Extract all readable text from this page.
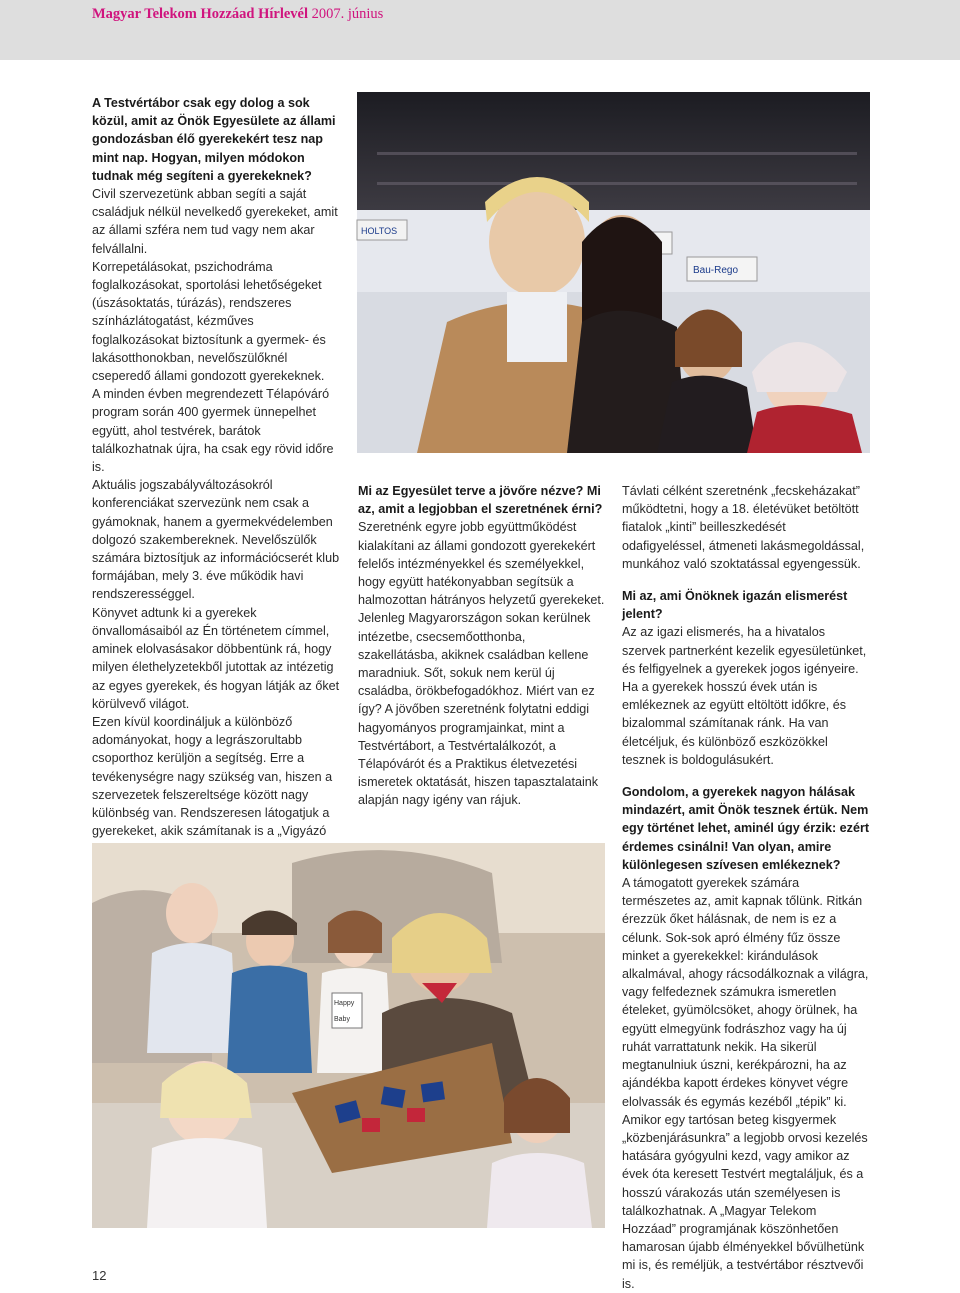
Magyar Telekom Hozzáad Hírlevél 2007. június

A Testvértábor csak egy dolog a sok közül, amit az Önök Egyesülete az állami gondozásban élő gyerekekért tesz nap mint nap. Hogyan, milyen módokon tudnak még segíteni a gyerekeknek?

Civil szervezetünk abban segíti a saját családjuk nélkül nevelkedő gyerekeket, amit az állami szféra nem tud vagy nem akar felvállalni.

Korrepetálásokat, pszichodráma foglalkozásokat, sportolási lehetőségeket (úszásoktatás, túrázás), rendszeres színházlátogatást, kézműves foglalkozásokat biztosítunk a gyermek- és lakásotthonokban, nevelőszülőknél cseperedő állami gondozott gyerekeknek.

A minden évben megrendezett Télapóváró program során 400 gyermek ünnepelhet együtt, ahol testvérek, barátok találkozhatnak újra, ha csak egy rövid időre is.

Aktuális jogszabályváltozásokról konferenciákat szervezünk nem csak a gyámoknak, hanem a gyermekvédelemben dolgozó szakembereknek. Nevelőszülők számára biztosítjuk az információcserét klub formájában, mely 3. éve működik havi rendszerességgel.

Könyvet adtunk ki a gyerekek önvallomásaiból az Én történetem címmel, aminek elolvasásakor döbbentünk rá, hogy milyen élethelyzetekből jutottak az intézetig az egyes gyerekek, és hogyan látják az őket körülvevő világot.

Ezen kívül koordináljuk a különböző adományokat, hogy a legrászorultabb csoporthoz kerüljön a segítség. Erre a tevékenységre nagy szükség van, hiszen a szervezetek felszereltsége között nagy különbség van. Rendszeresen látogatjuk a gyerekeket, akik számítanak is a „Vigyázó

HOLTOS
Bau-Rego

Mi az Egyesület terve a jövőre nézve? Mi az, amit a legjobban el szeretnének érni?

Szeretnénk egyre jobb együttműködést kialakítani az állami gondozott gyerekekért felelős intézményekkel és személyekkel, hogy együtt hatékonyabban segítsük a halmozottan hátrányos helyzetű gyerekeket. Jelenleg Magyarországon sokan kerülnek intézetbe, csecsemőotthonba, szakellátásba, akiknek családban kellene maradniuk. Sőt, sokuk nem kerül új családba, örökbefogadókhoz. Miért van ez így? A jövőben szeretnénk folytatni eddigi hagyományos programjainkat, mint a Testvértábort, a Testvértalálkozót, a Télapóvárót és a Praktikus életvezetési ismeretek oktatását, hiszen tapasztalataink alapján nagy igény van rájuk.

Távlati célként szeretnénk „fecskeházakat” működtetni, hogy a 18. életévüket betöltött fiatalok „kinti” beilleszkedését odafigyeléssel, átmeneti lakásmegoldással, munkához való szoktatással egyengessük.

Mi az, ami Önöknek igazán elismerést jelent?

Az az igazi elismerés, ha a hivatalos szervek partnerként kezelik egyesületünket, és felfigyelnek a gyerekek jogos igényeire. Ha a gyerekek hosszú évek után is emlékeznek az együtt eltöltött időkre, és bizalommal számítanak ránk. Ha van életcéljuk, és különböző eszközökkel tesznek is boldogulásukért.

Gondolom, a gyerekek nagyon hálásak mindazért, amit Önök tesznek értük. Nem egy történet lehet, aminél úgy érzik: ezért érdemes csinálni! Van olyan, amire különlegesen szívesen emlékeznek?

A támogatott gyerekek számára természetes az, amit kapnak tőlünk. Ritkán érezzük őket hálásnak, de nem is ez a célunk. Sok-sok apró élmény fűz össze minket a gyerekekkel: kirándulások alkalmával, ahogy rácsodálkoznak a világra, vagy felfedeznek számukra ismeretlen ételeket, gyümölcsöket, ahogy örülnek, ha együtt elmegyünk fodrászhoz vagy ha új ruhát varrattatunk nekik. Ha sikerül megtanulniuk úszni, kerékpározni, ha az ajándékba kapott érdekes könyvet végre elolvassák és egymás kezéből „tépik” ki. Amikor egy tartósan beteg kisgyermek „közbenjárásunkra” a legjobb orvosi kezelés hatására gyógyulni kezd, vagy amikor az évek óta keresett Testvért megtaláljuk, és a hosszú várakozás után személyesen is találkozhatnak. A „Magyar Telekom Hozzáad” programjának köszönhetően hamarosan újabb élményekkel bővülhetünk mi is, és reméljük, a testvértábor résztvevői is.

Happy
Baby
12
